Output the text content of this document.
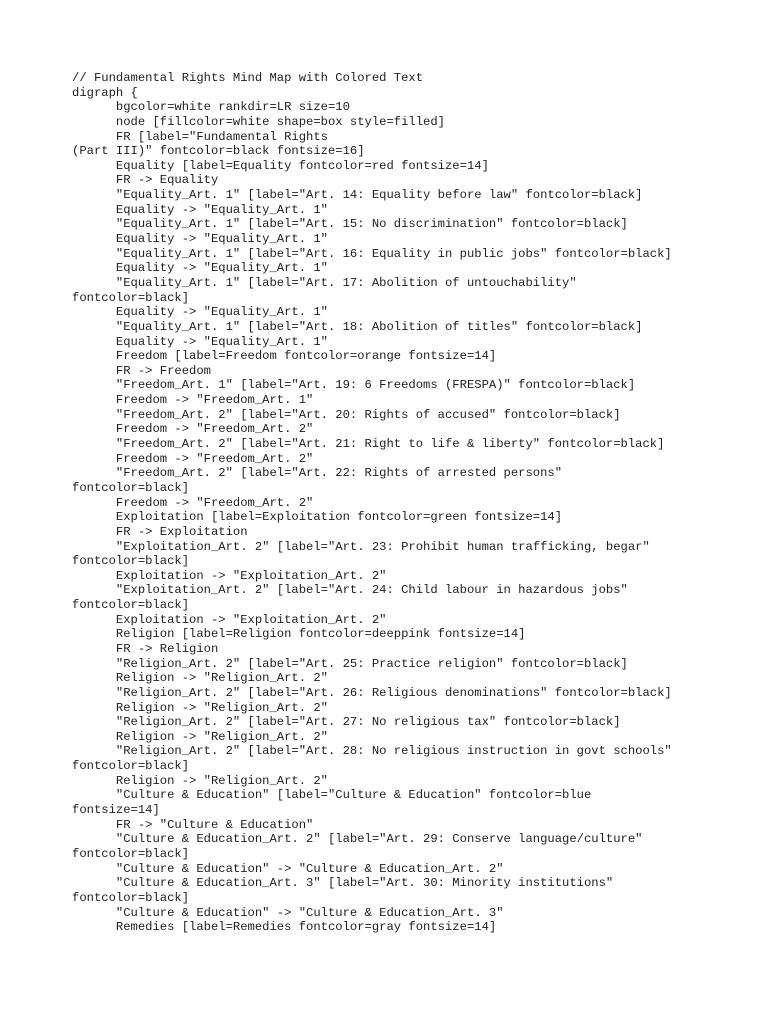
// Fundamental Rights Mind Map with Colored Text
digraph {
bgcolor=white rankdir=LR size=10
node [fillcolor=white shape=box style=filled]
FR [label="Fundamental Rights
(Part III)" fontcolor=black fontsize=16]
Equality [label=Equality fontcolor=red fontsize=14]
FR -> Equality
"Equality_Art. 1" [label="Art. 14: Equality before law" fontcolor=black]
Equality -> "Equality_Art. 1"
"Equality_Art. 1" [label="Art. 15: No discrimination" fontcolor=black]
Equality -> "Equality_Art. 1"
"Equality_Art. 1" [label="Art. 16: Equality in public jobs" fontcolor=black]
Equality -> "Equality_Art. 1"
"Equality_Art. 1" [label="Art. 17: Abolition of untouchability"
fontcolor=black]
Equality -> "Equality_Art. 1"
"Equality_Art. 1" [label="Art. 18: Abolition of titles" fontcolor=black]
Equality -> "Equality_Art. 1"
Freedom [label=Freedom fontcolor=orange fontsize=14]
FR -> Freedom
"Freedom_Art. 1" [label="Art. 19: 6 Freedoms (FRESPA)" fontcolor=black]
Freedom -> "Freedom_Art. 1"
"Freedom_Art. 2" [label="Art. 20: Rights of accused" fontcolor=black]
Freedom -> "Freedom_Art. 2"
"Freedom_Art. 2" [label="Art. 21: Right to life & liberty" fontcolor=black]
Freedom -> "Freedom_Art. 2"
"Freedom_Art. 2" [label="Art. 22: Rights of arrested persons"
fontcolor=black]
Freedom -> "Freedom_Art. 2"
Exploitation [label=Exploitation fontcolor=green fontsize=14]
FR -> Exploitation
"Exploitation_Art. 2" [label="Art. 23: Prohibit human trafficking, begar"
fontcolor=black]
Exploitation -> "Exploitation_Art. 2"
"Exploitation_Art. 2" [label="Art. 24: Child labour in hazardous jobs"
fontcolor=black]
Exploitation -> "Exploitation_Art. 2"
Religion [label=Religion fontcolor=deeppink fontsize=14]
FR -> Religion
"Religion_Art. 2" [label="Art. 25: Practice religion" fontcolor=black]
Religion -> "Religion_Art. 2"
"Religion_Art. 2" [label="Art. 26: Religious denominations" fontcolor=black]
Religion -> "Religion_Art. 2"
"Religion_Art. 2" [label="Art. 27: No religious tax" fontcolor=black]
Religion -> "Religion_Art. 2"
"Religion_Art. 2" [label="Art. 28: No religious instruction in govt schools"
fontcolor=black]
Religion -> "Religion_Art. 2"
"Culture & Education" [label="Culture & Education" fontcolor=blue
fontsize=14]
FR -> "Culture & Education"
"Culture & Education_Art. 2" [label="Art. 29: Conserve language/culture"
fontcolor=black]
"Culture & Education" -> "Culture & Education_Art. 2"
"Culture & Education_Art. 3" [label="Art. 30: Minority institutions"
fontcolor=black]
"Culture & Education" -> "Culture & Education_Art. 3"
Remedies [label=Remedies fontcolor=gray fontsize=14]
